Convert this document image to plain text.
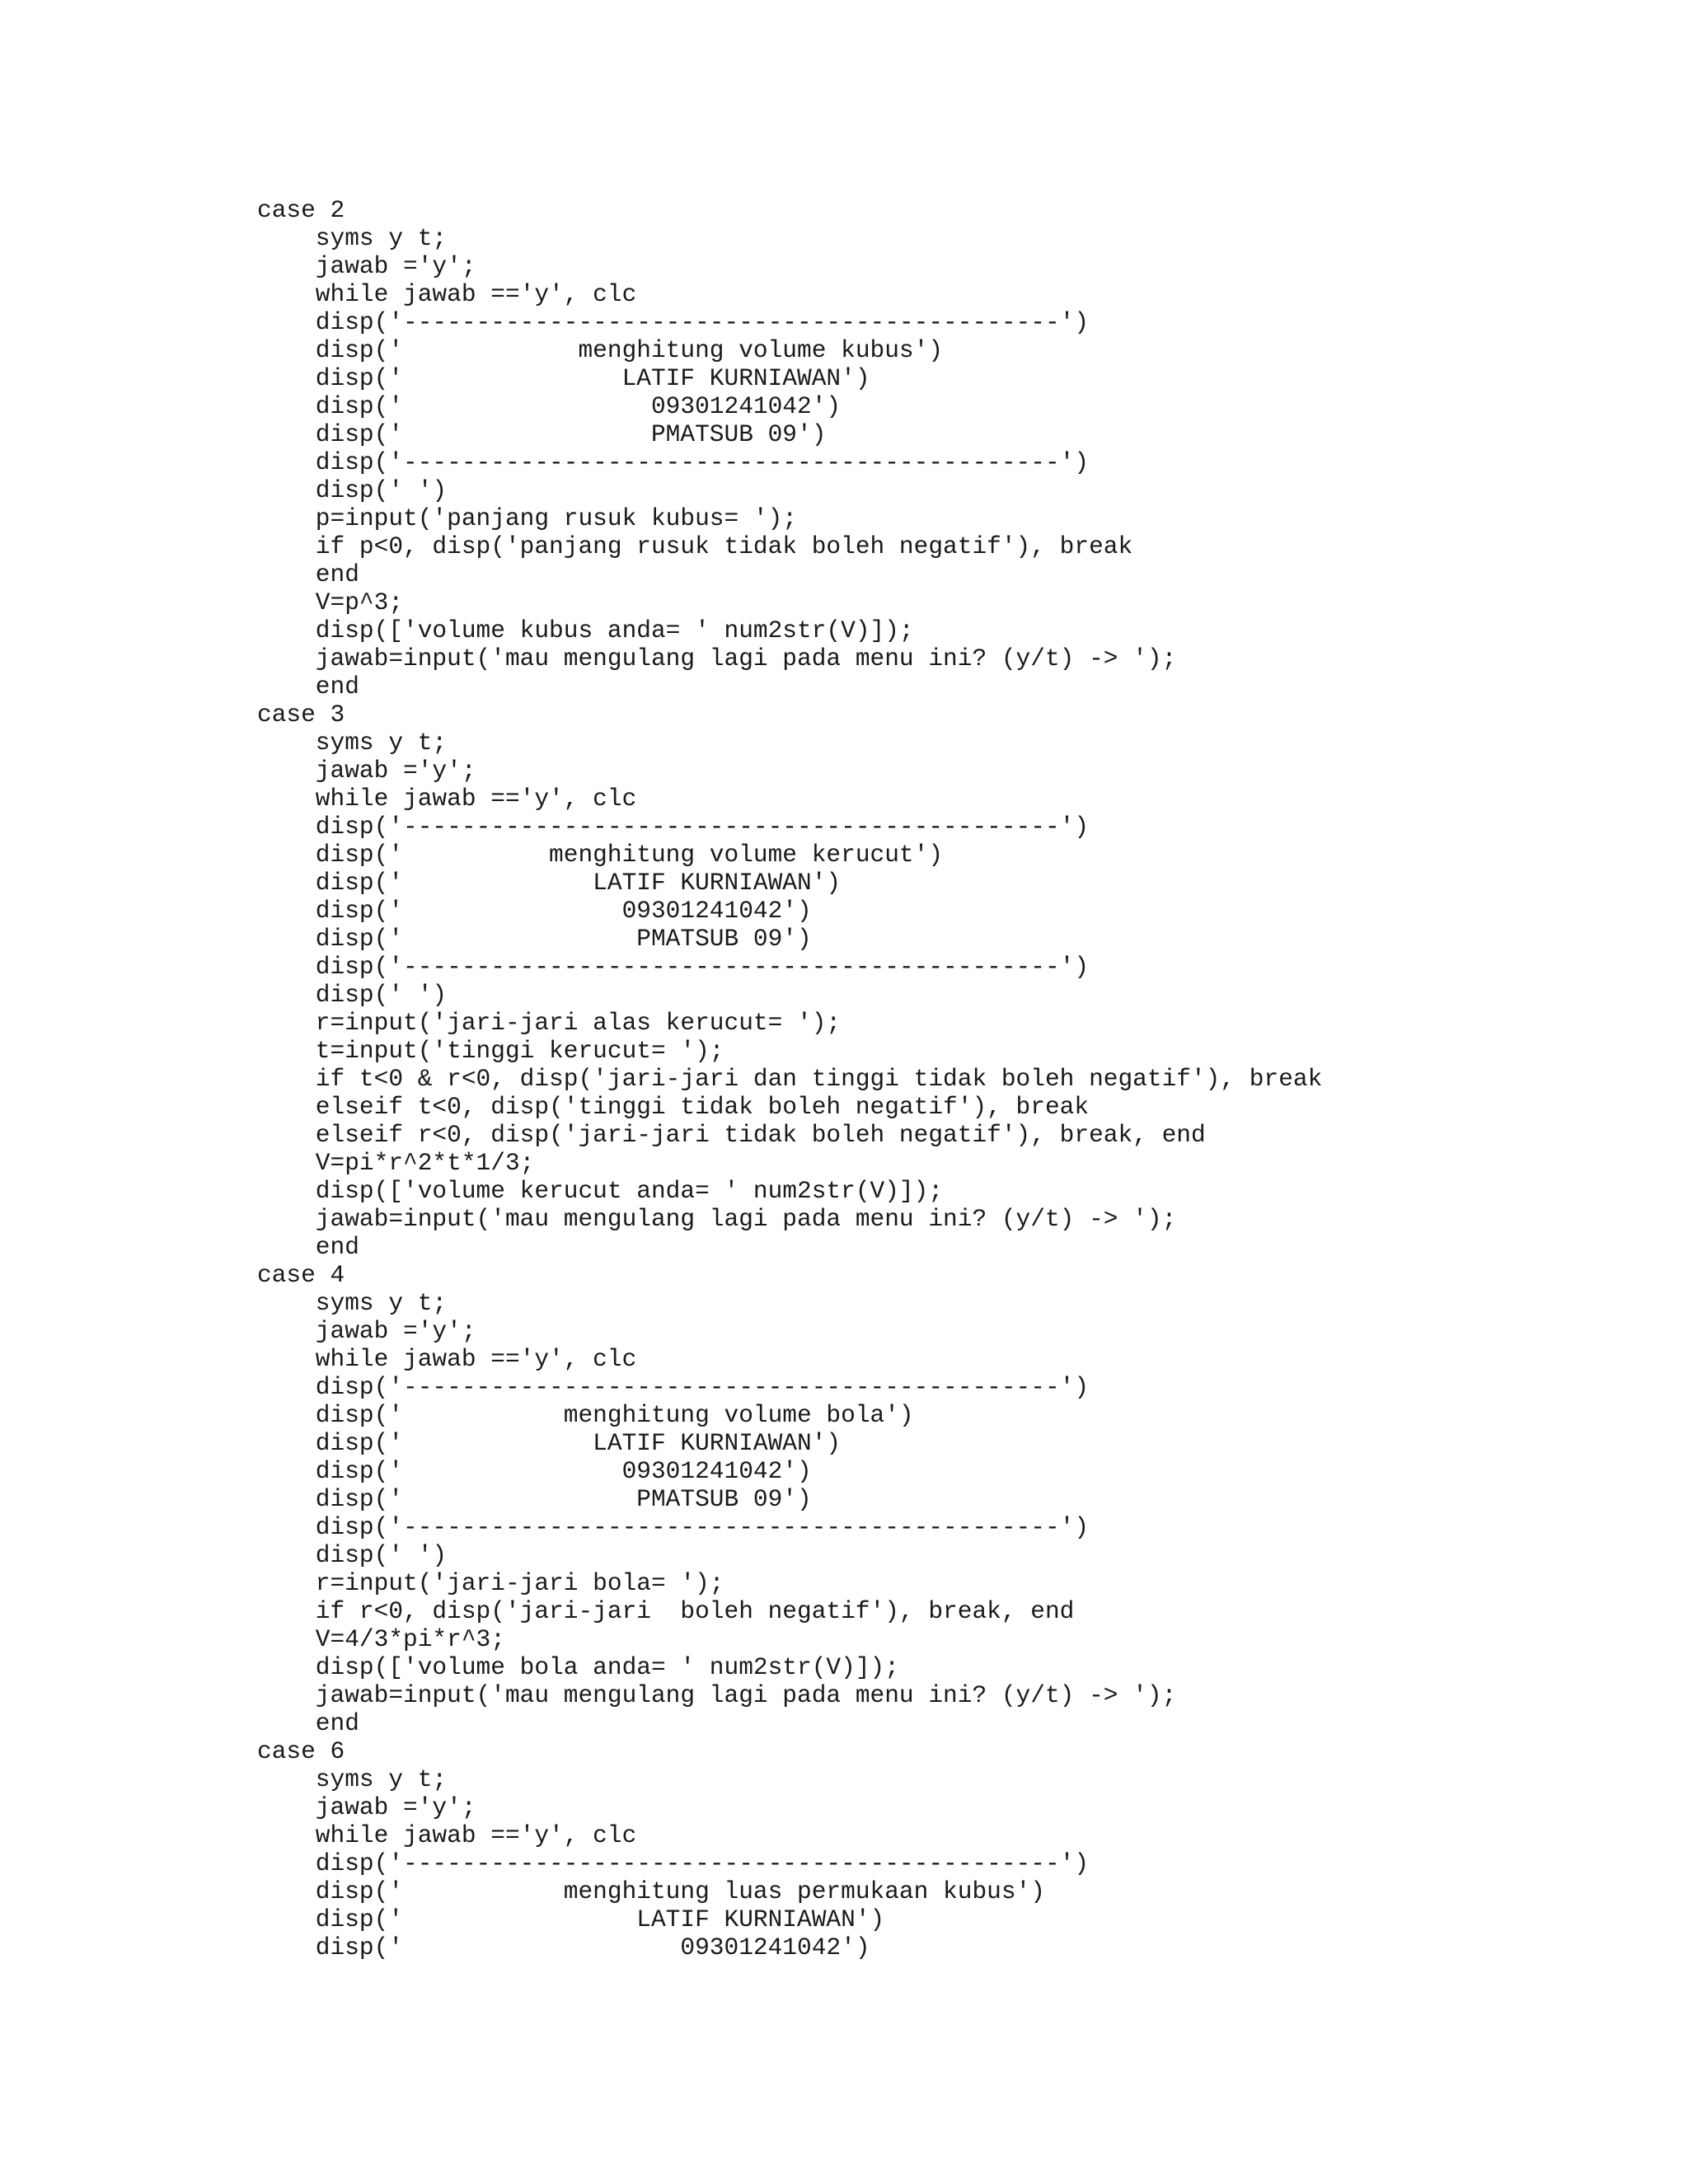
case 2
syms y t;
jawab ='y';
while jawab =='y', clc
disp('---------------------------------------------')
disp('            menghitung volume kubus')
disp('               LATIF KURNIAWAN')
disp('                 09301241042')
disp('                 PMATSUB 09')
disp('---------------------------------------------')
disp(' ')
p=input('panjang rusuk kubus= ');
if p<0, disp('panjang rusuk tidak boleh negatif'), break
end
V=p^3;
disp(['volume kubus anda= ' num2str(V)]);
jawab=input('mau mengulang lagi pada menu ini? (y/t) -> ');
end
case 3
syms y t;
jawab ='y';
while jawab =='y', clc
disp('---------------------------------------------')
disp('          menghitung volume kerucut')
disp('             LATIF KURNIAWAN')
disp('               09301241042')
disp('                PMATSUB 09')
disp('---------------------------------------------')
disp(' ')
r=input('jari-jari alas kerucut= ');
t=input('tinggi kerucut= ');
if t<0 & r<0, disp('jari-jari dan tinggi tidak boleh negatif'), break
elseif t<0, disp('tinggi tidak boleh negatif'), break
elseif r<0, disp('jari-jari tidak boleh negatif'), break, end
V=pi*r^2*t*1/3;
disp(['volume kerucut anda= ' num2str(V)]);
jawab=input('mau mengulang lagi pada menu ini? (y/t) -> ');
end
case 4
syms y t;
jawab ='y';
while jawab =='y', clc
disp('---------------------------------------------')
disp('           menghitung volume bola')
disp('             LATIF KURNIAWAN')
disp('               09301241042')
disp('                PMATSUB 09')
disp('---------------------------------------------')
disp(' ')
r=input('jari-jari bola= ');
if r<0, disp('jari-jari  boleh negatif'), break, end
V=4/3*pi*r^3;
disp(['volume bola anda= ' num2str(V)]);
jawab=input('mau mengulang lagi pada menu ini? (y/t) -> ');
end
case 6
syms y t;
jawab ='y';
while jawab =='y', clc
disp('---------------------------------------------')
disp('           menghitung luas permukaan kubus')
disp('                LATIF KURNIAWAN')
disp('                   09301241042')
